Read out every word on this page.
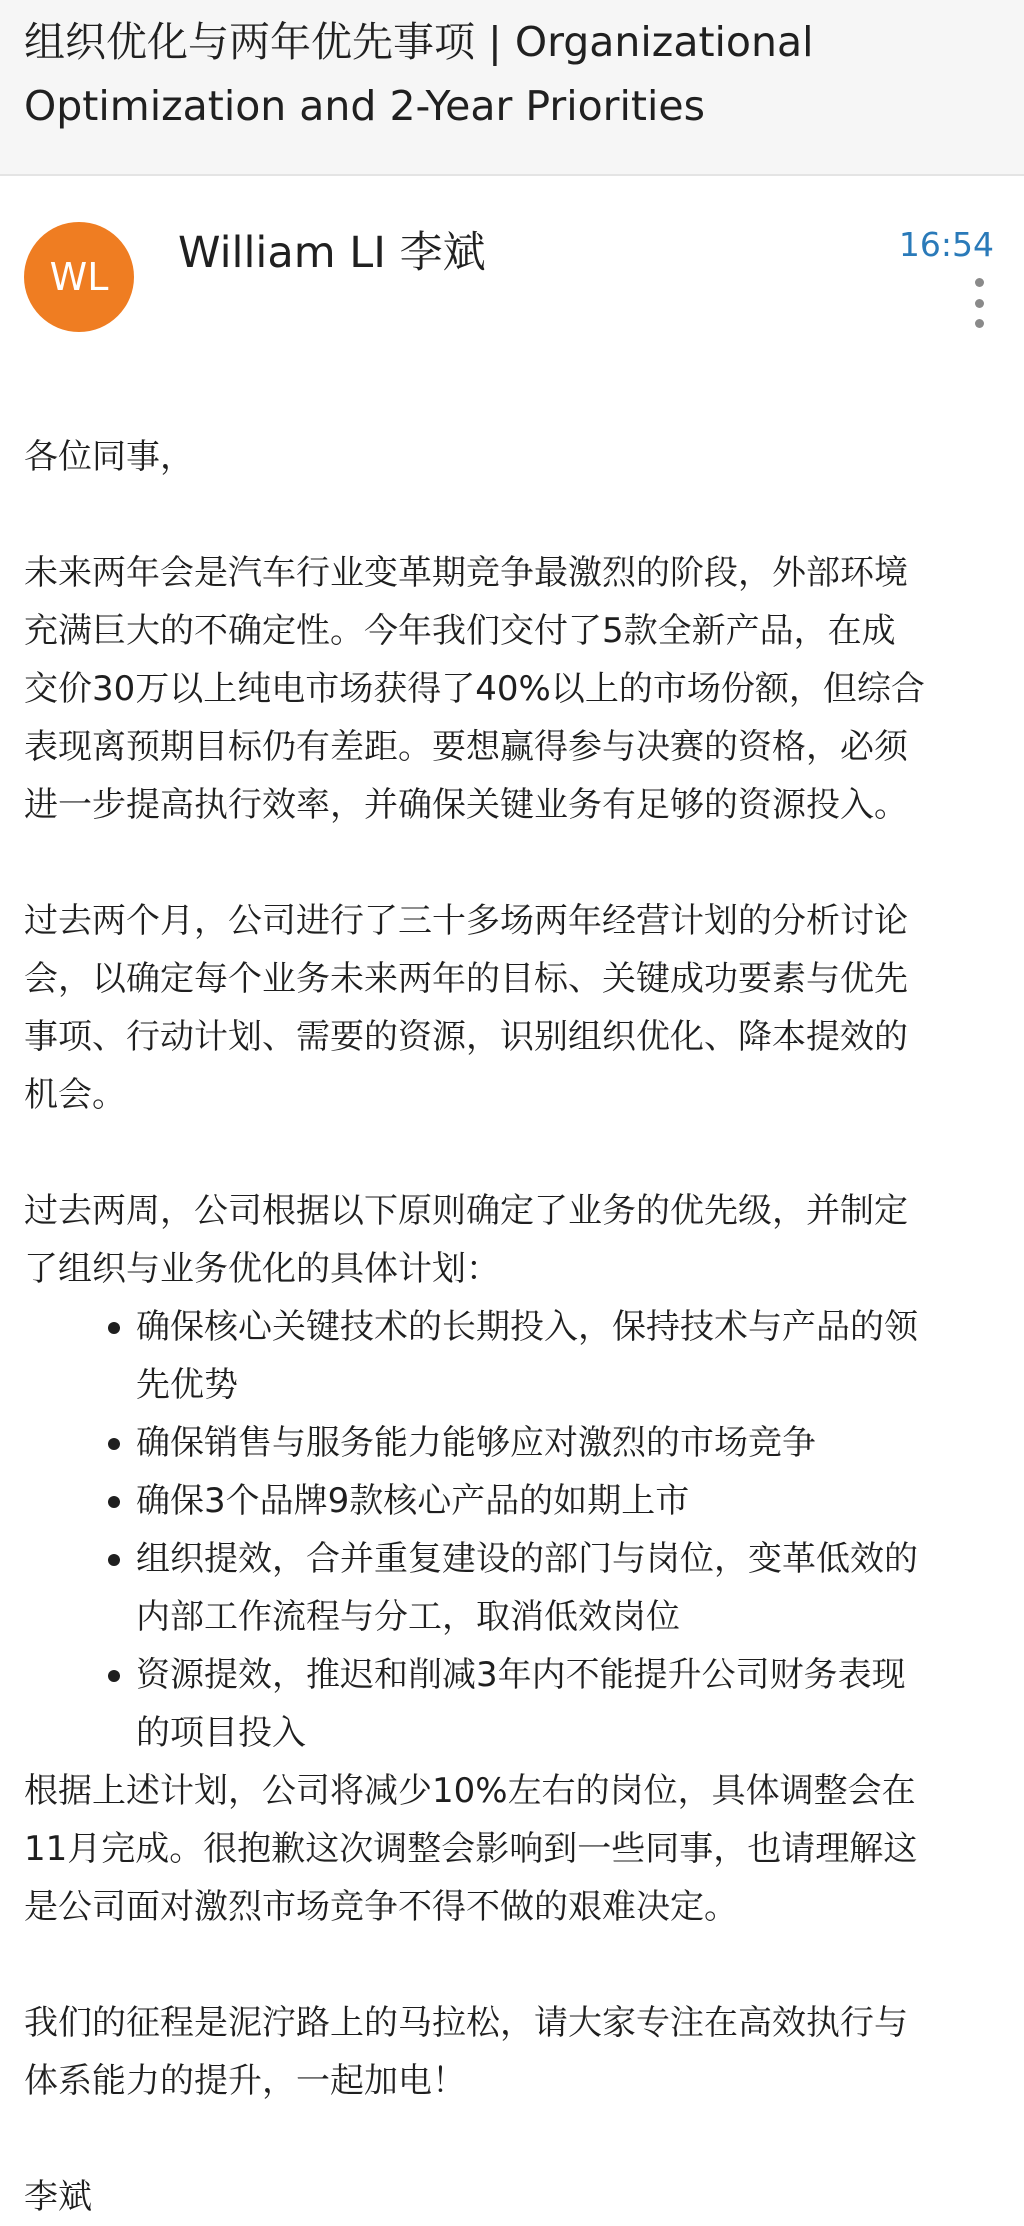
组织优化与两年优先事项 | Organizational
Optimization and 2-Year Priorities
WL William LI 李斌	16:54

各位同事，

未来两年会是汽车行业变革期竞争最激烈的阶段，外部环境
充满巨大的不确定性。今年我们交付了5款全新产品，在成
交价30万以上纯电市场获得了40%以上的市场份额，但综合
表现离预期目标仍有差距。要想赢得参与决赛的资格，必须
进一步提高执行效率，并确保关键业务有足够的资源投入。

过去两个月，公司进行了三十多场两年经营计划的分析讨论
会，以确定每个业务未来两年的目标、关键成功要素与优先
事项、行动计划、需要的资源，识别组织优化、降本提效的
机会。

过去两周，公司根据以下原则确定了业务的优先级，并制定
了组织与业务优化的具体计划：

确保核心关键技术的长期投入，保持技术与产品的领
先优势

确保销售与服务能力能够应对激烈的市场竞争

确保3个品牌9款核心产品的如期上市

组织提效，合并重复建设的部门与岗位，变革低效的
内部工作流程与分工，取消低效岗位

资源提效，推迟和削减3年内不能提升公司财务表现
的项目投入

根据上述计划，公司将减少10%左右的岗位，具体调整会在
11月完成。很抱歉这次调整会影响到一些同事，也请理解这
是公司面对激烈市场竞争不得不做的艰难决定。

我们的征程是泥泞路上的马拉松，请大家专注在高效执行与
体系能力的提升，一起加电！

李斌
